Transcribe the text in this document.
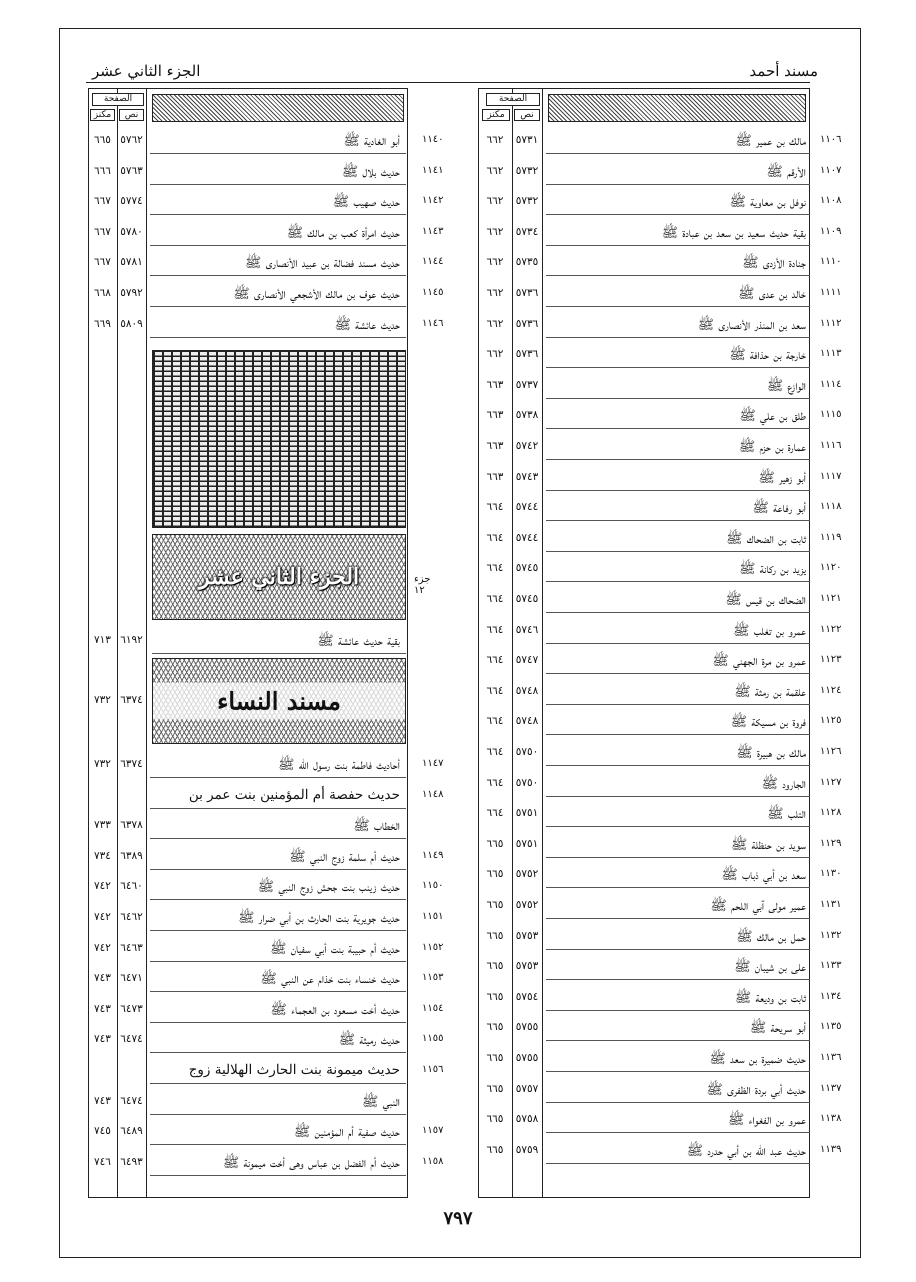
مسند أحمد
الجزء الثاني عشر
الصفحة
مكنز	نص
٦٦٢	٥٧٣١	مالك بن عمير ﷺ ١١٠٦
٦٦٢	٥٧٣٢	الأرقم ﷺ ١١٠٧
٦٦٢	٥٧٣٢	نوفل بن معاوية ﷺ ١١٠٨
٦٦٢	٥٧٣٤	بقية حديث سعيد بن سعد بن عبادة ﷺ ١١٠٩
٦٦٢	٥٧٣٥	جنادة الأزدى ﷺ ١١١٠
٦٦٢	٥٧٣٦	خالد بن عدى ﷺ ١١١١
٦٦٢	٥٧٣٦	سعد بن المنذر الأنصارى ﷺ ١١١٢
٦٦٢	٥٧٣٦	خارجة بن حذافة ﷺ ١١١٣
٦٦٣	٥٧٣٧	الوازع ﷺ ١١١٤
٦٦٣	٥٧٣٨	طلق بن علي ﷺ ١١١٥
٦٦٣	٥٧٤٢	عمارة بن حزم ﷺ ١١١٦
٦٦٣	٥٧٤٣	أبو زهير ﷺ ١١١٧
٦٦٤	٥٧٤٤	أبو رفاعة ﷺ ١١١٨
٦٦٤	٥٧٤٤	ثابت بن الضحاك ﷺ ١١١٩
٦٦٤	٥٧٤٥	يزيد بن ركانة ﷺ ١١٢٠
٦٦٤	٥٧٤٥	الضحاك بن قيس ﷺ ١١٢١
٦٦٤	٥٧٤٦	عمرو بن تغلب ﷺ ١١٢٢
٦٦٤	٥٧٤٧	عمرو بن مرة الجهني ﷺ ١١٢٣
٦٦٤	٥٧٤٨	علقمة بن رمثة ﷺ ١١٢٤
٦٦٤	٥٧٤٨	فروة بن مسيكة ﷺ ١١٢٥
٦٦٤	٥٧٥٠	مالك بن هبيرة ﷺ ١١٢٦
٦٦٤	٥٧٥٠	الجارود ﷺ ١١٢٧
٦٦٤	٥٧٥١	التلب ﷺ ١١٢٨
٦٦٥	٥٧٥١	سويد بن حنظلة ﷺ ١١٢٩
٦٦٥	٥٧٥٢	سعد بن أبي ذباب ﷺ ١١٣٠
٦٦٥	٥٧٥٢	عمير مولى آبي اللحم ﷺ ١١٣١
٦٦٥	٥٧٥٣	حمل بن مالك ﷺ ١١٣٢
٦٦٥	٥٧٥٣	على بن شيبان ﷺ ١١٣٣
٦٦٥	٥٧٥٤	ثابت بن وديعة ﷺ ١١٣٤
٦٦٥	٥٧٥٥	أبو سريحة ﷺ ١١٣٥
٦٦٥	٥٧٥٥	حديث ضميرة بن سعد ﷺ ١١٣٦
٦٦٥	٥٧٥٧	حديث أبي بردة الظفرى ﷺ ١١٣٧
٦٦٥	٥٧٥٨	عمرو بن الفغواء ﷺ ١١٣٨
٦٦٥	٥٧٥٩	حديث عبد الله بن أبي حدرد ﷺ ١١٣٩
الصفحة
مكنز	نص
٦٦٥ ٥٧٦٢	أبو الغادية ﷺ ١١٤٠
٦٦٦ ٥٧٦٣	حديث بلال ﷺ ١١٤١
٦٦٧ ٥٧٧٤	حديث صهيب ﷺ ١١٤٢
٦٦٧ ٥٧٨٠	حديث امرأة كعب بن مالك ﷺ ١١٤٣
٦٦٧ ٥٧٨١	حديث مسند فضالة بن عبيد الأنصارى ﷺ ١١٤٤
٦٦٨ ٥٧٩٢	حديث عوف بن مالك الأشجعي الأنصارى ﷺ ١١٤٥
٦٦٩ ٥٨٠٩	حديث عائشة ﷺ ١١٤٦
الجزء الثاني عشر	جزء ١٢
٧١٣ ٦١٩٢	بقية حديث عائشة ﷺ
مسند النساء
٧٣٢ ٦٣٧٤
٧٣٢ ٦٣٧٤	أحاديث فاطمة بنت رسول الله ﷺ ١١٤٧
حديث حفصة أم المؤمنين بنت عمر بن ١١٤٨
٧٣٣ ٦٣٧٨	الخطاب ﷺ
٧٣٤ ٦٣٨٩	حديث أم سلمة زوج النبي ﷺ ١١٤٩
٧٤٢ ٦٤٦٠	حديث زينب بنت جحش زوج النبي ﷺ ١١٥٠
٧٤٢ ٦٤٦٢	حديث جويرية بنت الحارث بن أبي ضرار ﷺ ١١٥١
٧٤٢ ٦٤٦٣	حديث أم حبيبة بنت أبي سفيان ﷺ ١١٥٢
٧٤٣ ٦٤٧١	حديث خنساء بنت خذام عن النبي ﷺ ١١٥٣
٧٤٣ ٦٤٧٣	حديث أخت مسعود بن العجماء ﷺ ١١٥٤
٧٤٣ ٦٤٧٤	حديث رميثة ﷺ ١١٥٥
حديث ميمونة بنت الحارث الهلالية زوج ١١٥٦
٧٤٣ ٦٤٧٤	النبي ﷺ
٧٤٥ ٦٤٨٩	حديث صفية أم المؤمنين ﷺ ١١٥٧
٧٤٦ ٦٤٩٣	حديث أم الفضل بن عباس وهى أخت ميمونة ﷺ ١١٥٨
٧٩٧
